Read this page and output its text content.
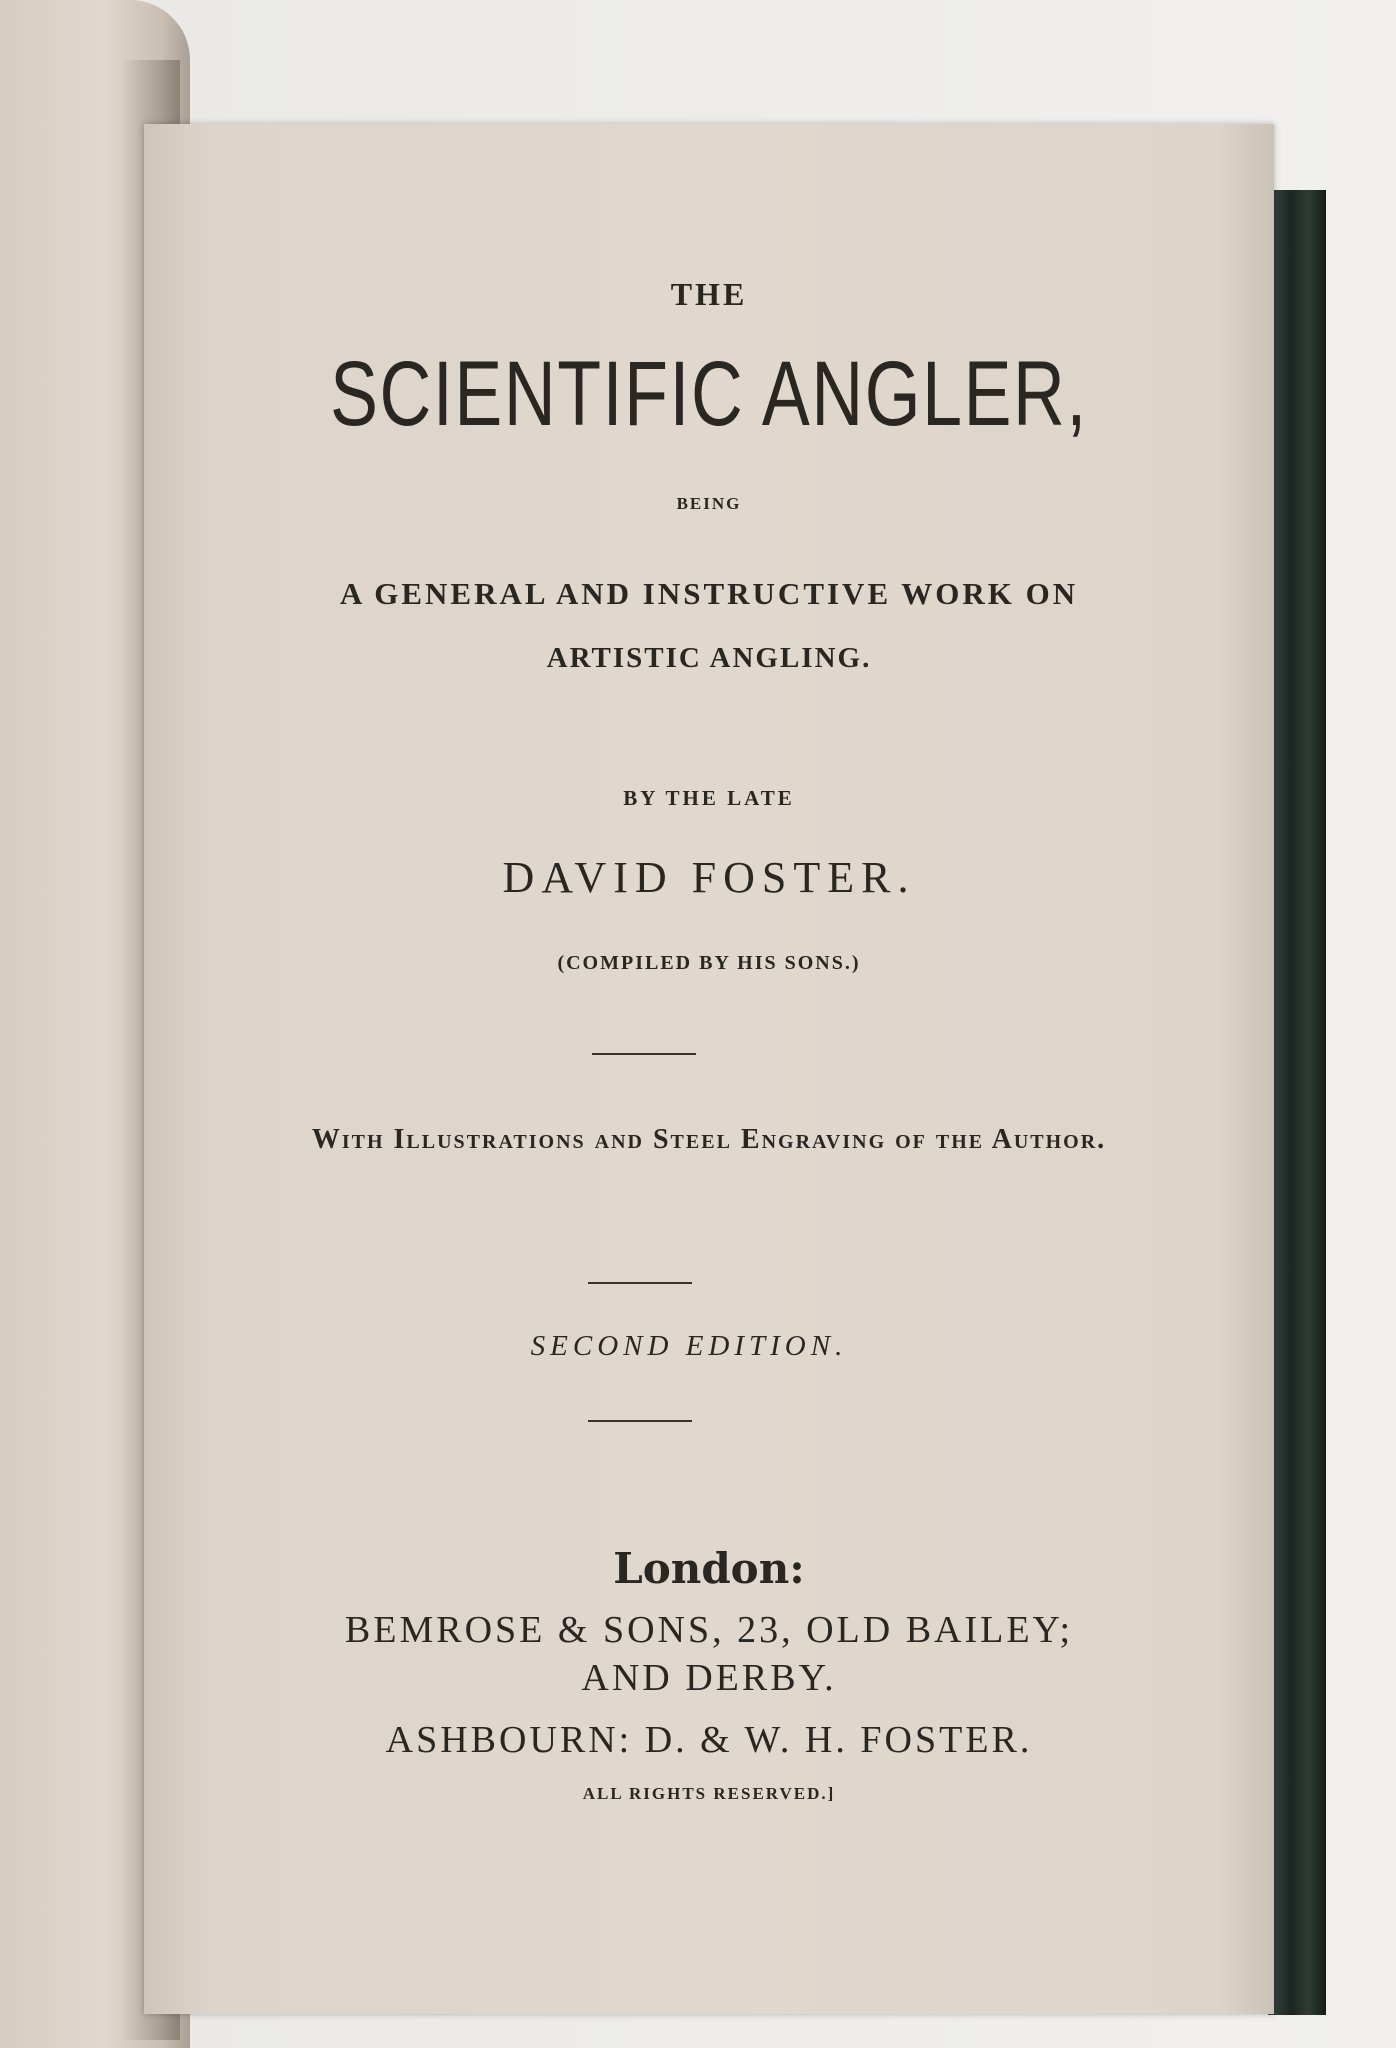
THE
SCIENTIFIC ANGLER,
BEING
A GENERAL AND INSTRUCTIVE WORK ON
ARTISTIC ANGLING.
BY THE LATE
DAVID FOSTER.
(COMPILED BY HIS SONS.)
With Illustrations and Steel Engraving of the Author.
SECOND EDITION.
London:
BEMROSE & SONS, 23, OLD BAILEY;
AND DERBY.
ASHBOURN: D. & W. H. FOSTER.
ALL RIGHTS RESERVED.]
